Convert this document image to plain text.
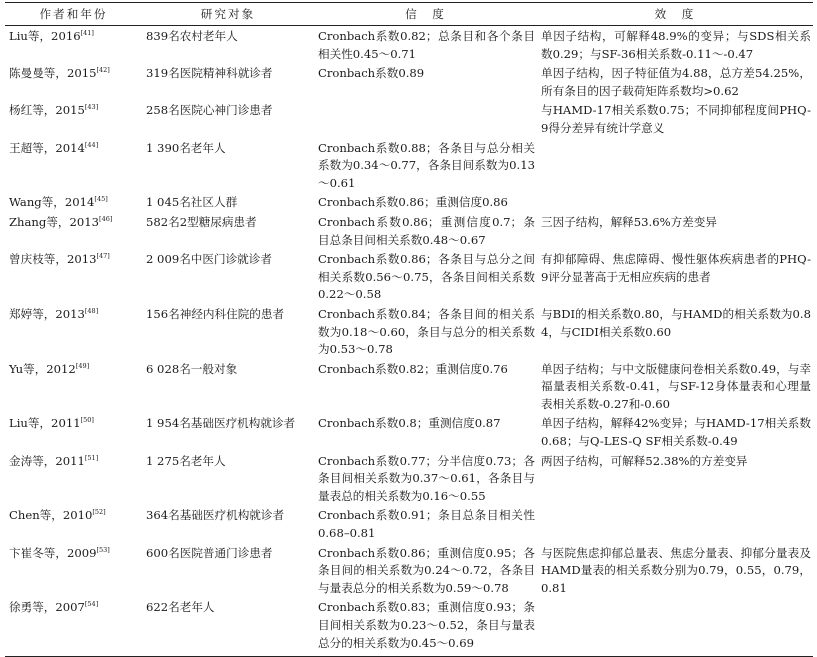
作者和年份	研究对象	信　度	效　度
Liu等，2016[41]	839名农村老年人	Cronbach系数0.82；总条目和各个条目相关性0.45～0.71	单因子结构，可解释48.9%的变异；与SDS相关系数0.29；与SF-36相关系数-0.11～-0.47
陈曼曼等，2015[42]	319名医院精神科就诊者	Cronbach系数0.89	单因子结构，因子特征值为4.88，总方差54.25%，所有条目的因子载荷矩阵系数均>0.62
杨红等，2015[43]	258名医院心神门诊患者		与HAMD-17相关系数0.75；不同抑郁程度间PHQ-9得分差异有统计学意义
王超等，2014[44]	1 390名老年人	Cronbach系数0.88；各条目与总分相关系数为0.34～0.77，各条目间系数为0.13～0.61	
Wang等，2014[45]	1 045名社区人群	Cronbach系数0.86；重测信度0.86	
Zhang等，2013[46]	582名2型糖尿病患者	Cronbach系数0.86；重测信度0.7；条目总条目间相关系数0.48～0.67	三因子结构，解释53.6%方差变异
曾庆枝等，2013[47]	2 009名中医门诊就诊者	Cronbach系数0.86；各条目与总分之间相关系数0.56～0.75，各条目间相关系数0.22～0.58	有抑郁障碍、焦虑障碍、慢性躯体疾病患者的PHQ-9评分显著高于无相应疾病的患者
郑婷等，2013[48]	156名神经内科住院的患者	Cronbach系数0.84；各条目间的相关系数为0.18～0.60，条目与总分的相关系数为0.53～0.78	与BDI的相关系数0.80，与HAMD的相关系数为0.84，与CIDI相关系数0.60
Yu等，2012[49]	6 028名一般对象	Cronbach系数0.82；重测信度0.76	单因子结构；与中文版健康问卷相关系数0.49，与幸福量表相关系数-0.41，与SF-12身体量表和心理量表相关系数-0.27和-0.60
Liu等，2011[50]	1 954名基础医疗机构就诊者	Cronbach系数0.8；重测信度0.87	单因子结构，解释42%变异；与HAMD-17相关系数0.68；与Q-LES-Q SF相关系数-0.49
金涛等，2011[51]	1 275名老年人	Cronbach系数0.77；分半信度0.73；各条目间相关系数为0.37～0.61，各条目与量表总的相关系数为0.16～0.55	两因子结构，可解释52.38%的方差变异
Chen等，2010[52]	364名基础医疗机构就诊者	Cronbach系数0.91；条目总条目相关性0.68–0.81	
卞崔冬等，2009[53]	600名医院普通门诊患者	Cronbach系数0.86；重测信度0.95；各条目间的相关系数为0.24～0.72，各条目与量表总分的相关系数为0.59～0.78	与医院焦虑抑郁总量表、焦虑分量表、抑郁分量表及HAMD量表的相关系数分别为0.79，0.55，0.79，0.81
徐勇等，2007[54]	622名老年人	Cronbach系数0.83；重测信度0.93；条目间相关系数为0.23～0.52，条目与量表总分的相关系数为0.45～0.69	
